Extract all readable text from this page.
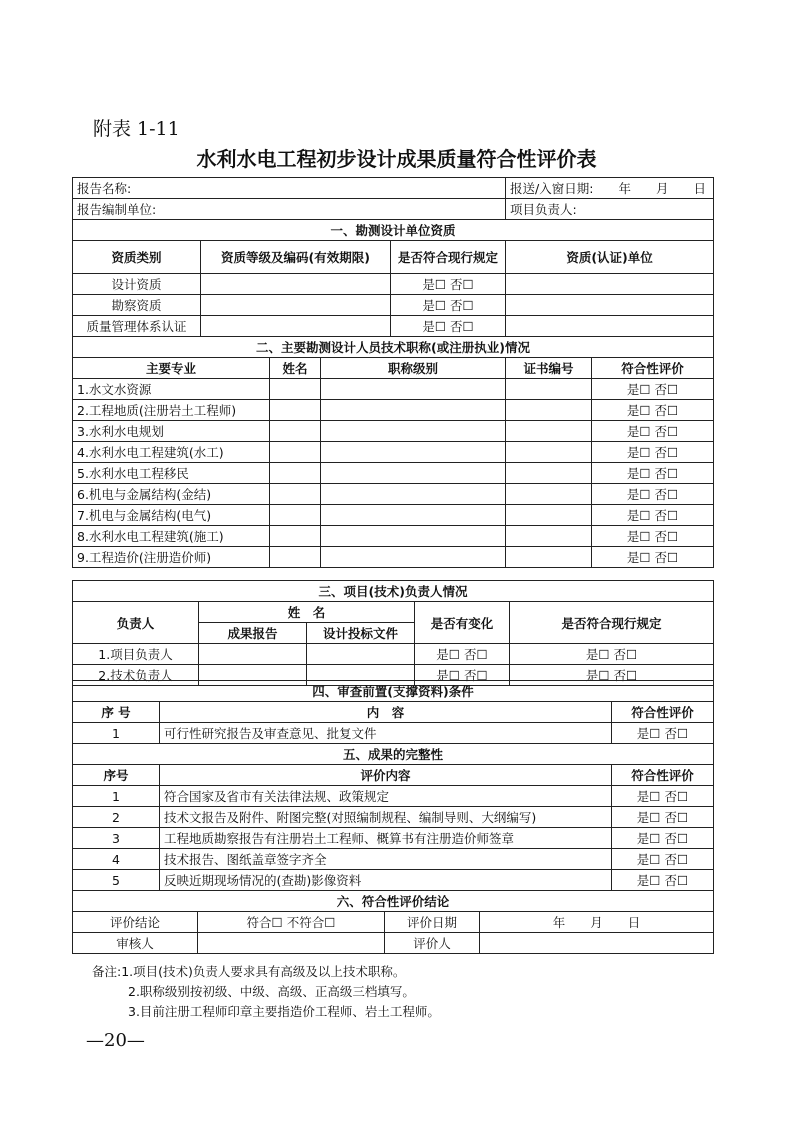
附表 1-11
水利水电工程初步设计成果质量符合性评价表
报告名称:					报送/入窗日期:　　年　　月　　日	
报告编制单位:					项目负责人:	
一、勘测设计单位资质						
资质类别	资质等级及编码(有效期限)			是否符合现行规定	资质(认证)单位	
设计资质				是☐ 否☐		
勘察资质				是☐ 否☐		
质量管理体系认证				是☐ 否☐		
二、主要勘测设计人员技术职称(或注册执业)情况						
主要专业		姓名	职称级别		证书编号	符合性评价
1.水文水资源						是☐ 否☐
2.工程地质(注册岩土工程师)						是☐ 否☐
3.水利水电规划						是☐ 否☐
4.水利水电工程建筑(水工)						是☐ 否☐
5.水利水电工程移民						是☐ 否☐
6.机电与金属结构(金结)						是☐ 否☐
7.机电与金属结构(电气)						是☐ 否☐
8.水利水电工程建筑(施工)						是☐ 否☐
9.工程造价(注册造价师)						是☐ 否☐
三、项目(技术)负责人情况				
负责人	姓　名		是否有变化	是否符合现行规定
	成果报告	设计投标文件		
1.项目负责人			是☐ 否☐	是☐ 否☐
2.技术负责人			是☐ 否☐	是☐ 否☐
四、审查前置(支撑资料)条件					
序 号	内　容				符合性评价
1	可行性研究报告及审查意见、批复文件				是☐ 否☐
五、成果的完整性					
序号	评价内容				符合性评价
1	符合国家及省市有关法律法规、政策规定				是☐ 否☐
2	技术文报告及附件、附图完整(对照编制规程、编制导则、大纲编写)				是☐ 否☐
3	工程地质勘察报告有注册岩土工程师、概算书有注册造价师签章				是☐ 否☐
4	技术报告、图纸盖章签字齐全				是☐ 否☐
5	反映近期现场情况的(查勘)影像资料				是☐ 否☐
六、符合性评价结论					
评价结论		符合☐ 不符合☐	评价日期	年　　月　　日	
审核人			评价人		
备注:1.项目(技术)负责人要求具有高级及以上技术职称。
2.职称级别按初级、中级、高级、正高级三档填写。
3.目前注册工程师印章主要指造价工程师、岩土工程师。
—20—
